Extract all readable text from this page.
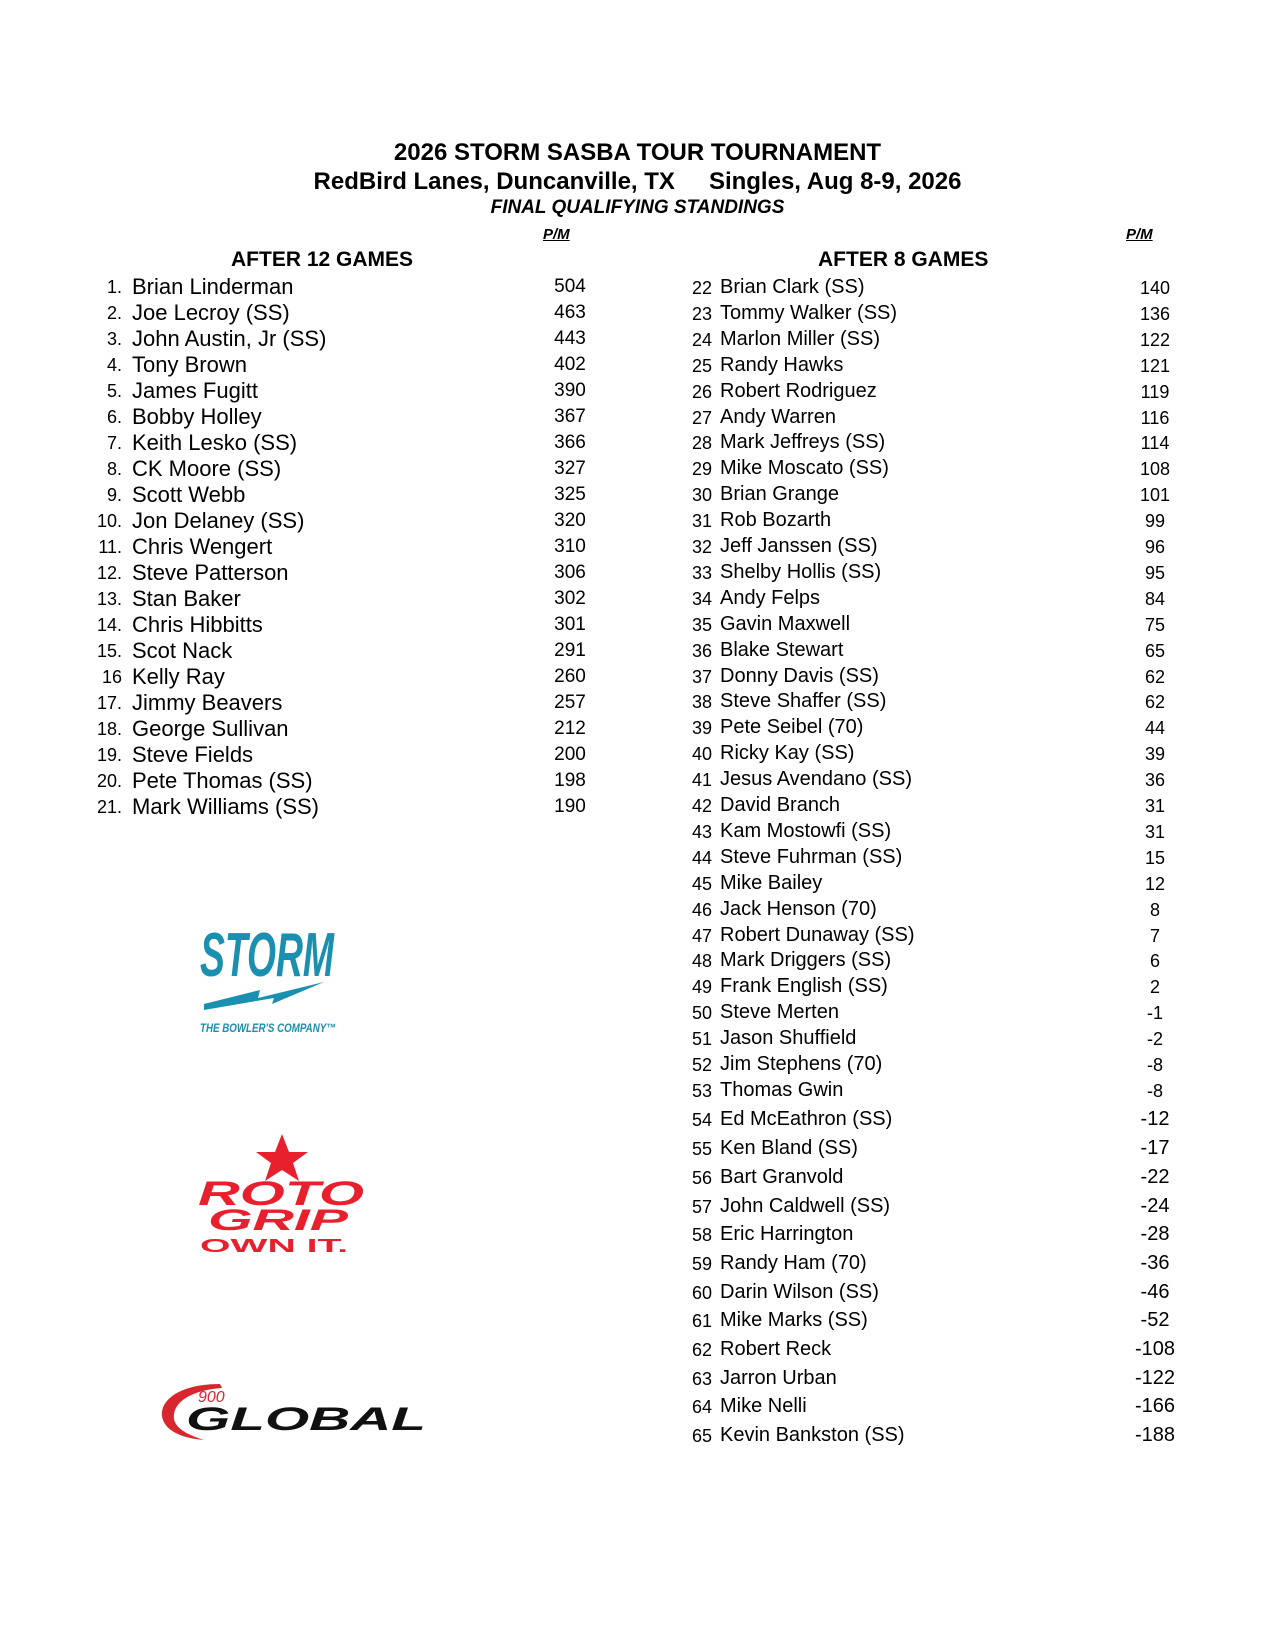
2026 STORM SASBA TOUR TOURNAMENT
RedBird Lanes, Duncanville, TX Singles, Aug 8-9, 2026
FINAL QUALIFYING STANDINGS
P/M	P/M
AFTER 12 GAMES	AFTER 8 GAMES
1. Brian Linderman	504
2. Joe Lecroy (SS)	463
3. John Austin, Jr (SS)	443
4. Tony Brown	402
5. James Fugitt	390
6. Bobby Holley	367
7. Keith Lesko (SS)	366
8. CK Moore (SS)	327
9. Scott Webb	325
10. Jon Delaney (SS)	320
11. Chris Wengert	310
12. Steve Patterson	306
13. Stan Baker	302
14. Chris Hibbitts	301
15. Scot Nack	291
16 Kelly Ray	260
17. Jimmy Beavers	257
18. George Sullivan	212
19. Steve Fields	200
20. Pete Thomas (SS)	198
21. Mark Williams (SS)	190
22 Brian Clark (SS)	140
23 Tommy Walker (SS)	136
24 Marlon Miller (SS)	122
25 Randy Hawks	121
26 Robert Rodriguez	119
27 Andy Warren	116
28 Mark Jeffreys (SS)	114
29 Mike Moscato (SS)	108
30 Brian Grange	101
31 Rob Bozarth	99
32 Jeff Janssen (SS)	96
33 Shelby Hollis (SS)	95
34 Andy Felps	84
35 Gavin Maxwell	75
36 Blake Stewart	65
37 Donny Davis (SS)	62
38 Steve Shaffer (SS)	62
39 Pete Seibel (70)	44
40 Ricky Kay (SS)	39
41 Jesus Avendano (SS)	36
42 David Branch	31
43 Kam Mostowfi (SS)	31
44 Steve Fuhrman (SS)	15
45 Mike Bailey	12
46 Jack Henson (70)	8
47 Robert Dunaway (SS)	7
48 Mark Driggers (SS)	6
49 Frank English (SS)	2
50 Steve Merten	-1
51 Jason Shuffield	-2
52 Jim Stephens (70)	-8
53 Thomas Gwin	-8
54 Ed McEathron (SS)	-12
55 Ken Bland (SS)	-17
56 Bart Granvold	-22
57 John Caldwell (SS)	-24
58 Eric Harrington	-28
59 Randy Ham (70)	-36
60 Darin Wilson (SS)	-46
61 Mike Marks (SS)	-52
62 Robert Reck	-108
63 Jarron Urban	-122
64 Mike Nelli	-166
65 Kevin Bankston (SS)	-188
STORM
THE BOWLER'S COMPANY™
ROTO
GRIP
OWN IT.
900
GLOBAL
